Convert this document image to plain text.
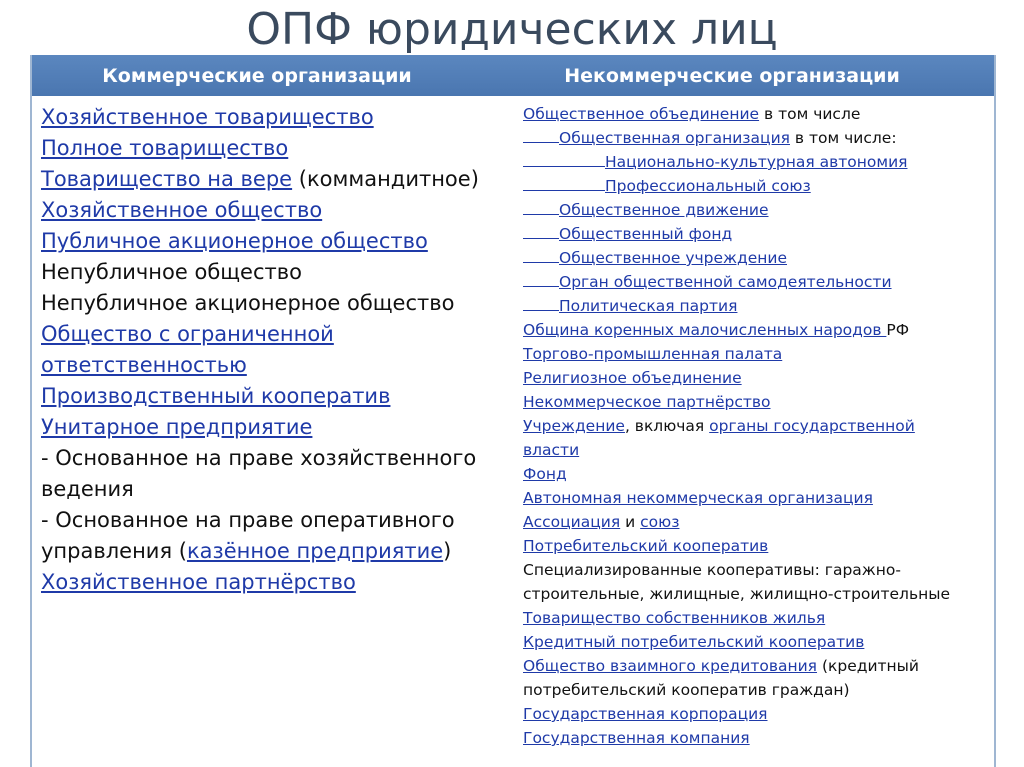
ОПФ юридических лиц
Коммерческие организации	Некоммерческие организации
Хозяйственное товарищество
Полное товарищество
Товарищество на вере (коммандитное)
Хозяйственное общество
Публичное акционерное общество
Непубличное общество
Непубличное акционерное общество
Общество с ограниченной
ответственностью
Производственный кооператив
Унитарное предприятие
- Основанное на праве хозяйственного
ведения
- Основанное на праве оперативного
управления (казённое предприятие)
Хозяйственное партнёрство
Общественное объединение в том числе
Общественная организация в том числе:
Национально-культурная автономия
Профессиональный союз
Общественное движение
Общественный фонд
Общественное учреждение
Орган общественной самодеятельности
Политическая партия
Община коренных малочисленных народов РФ
Торгово-промышленная палата
Религиозное объединение
Некоммерческое партнёрство
Учреждение, включая органы государственной
власти
Фонд
Автономная некоммерческая организация
Ассоциация и союз
Потребительский кооператив
Специализированные кооперативы: гаражно-
строительные, жилищные, жилищно-строительные
Товарищество собственников жилья
Кредитный потребительский кооператив
Общество взаимного кредитования (кредитный
потребительский кооператив граждан)
Государственная корпорация
Государственная компания
